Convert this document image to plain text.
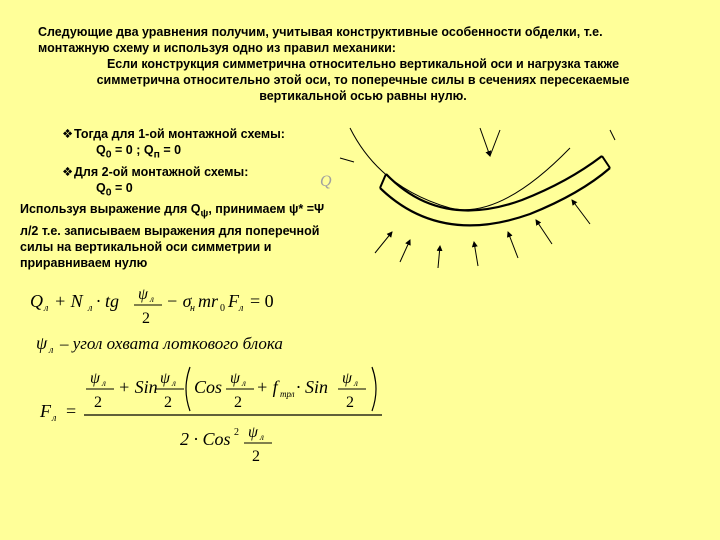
Следующие два уравнения получим, учитывая конструктивные особенности обделки, т.е.
монтажную схему и используя одно из правил механики:
Если конструкция симметрична относительно вертикальной оси и нагрузка также
симметрична относительно этой оси, то поперечные силы в сечениях пересекаемые
вертикальной осью равны нулю.
❖Тогда для 1-ой монтажной схемы:
$Q_0 = 0$ ; $Q_п = 0$
❖Для 2-ой монтажной схемы:
$Q_0 = 0$
Используя выражение для $Q_\psi$, принимаем ψ* =Ψ
л/2 т.е. записываем выражения для поперечной
силы на вертикальной оси симметрии и
приравниваем нулю
Q
Q л + N л · tg ψ л
2
− σ
н mr 0 F л = 0
ψ л – угол охвата лоткового блока
F л =
ψ л
2
+ Sin ψ л
2
Cos ψ л
2
+ f трл · Sin ψ л
2
2 · Cos 2 ψ л
2
